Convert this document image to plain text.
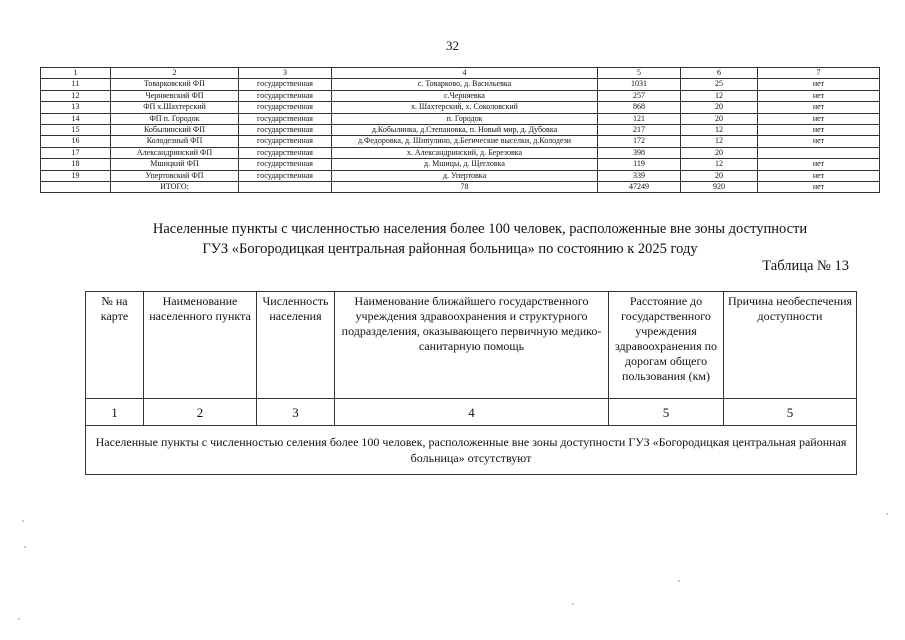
32
1	2	3	4	5	6	7
11	Товарковский ФП	государственная	с. Товарково, д. Васильевка	1031	25	нет
12	Черняевский ФП	государственная	с.Черняевка	257	12	нет
13	ФП х.Шахтерский	государственная	х. Шахтерский, х. Соколовский	868	20	нет
14	ФП п. Городок	государственная	п. Городок	121	20	нет
15	Кобылинский ФП	государственная	д.Кобылинка, д.Степановка, п. Новый мир, д. Дубовка	217	12	нет
16	Колодезный ФП	государственная	д.Федоровка, д. Шипулино, д.Бегические выселки, д.Колодези	172	12	нет
17	Александринский ФП	государственная	х. Александринский, д. Березовка	398	20	
18	Мшицкий ФП	государственная	д. Мшицы, д. Щегловка	119	12	нет
19	Упертовский ФП	государственная	д. Упертовка	339	20	нет
	ИТОГО:		78	47249	920	нет
Населенные пункты с численностью населения более 100 человек, расположенные вне зоны доступности
ГУЗ «Богородицкая центральная районная больница» по состоянию к 2025 году
Таблица № 13
№ на карте	Наименование населенного пункта	Численность населения	Наименование ближайшего государственного учреждения здравоохранения и структурного подразделения, оказывающего первичную медико-санитарную помощь	Расстояние до государственного учреждения здравоохранения по дорогам общего пользования (км)	Причина необеспечения доступности
1	2	3	4	5	5
Населенные пункты с численностью селения более 100 человек, расположенные вне зоны доступности ГУЗ «Богородицкая центральная районная больница» отсутствуют					
